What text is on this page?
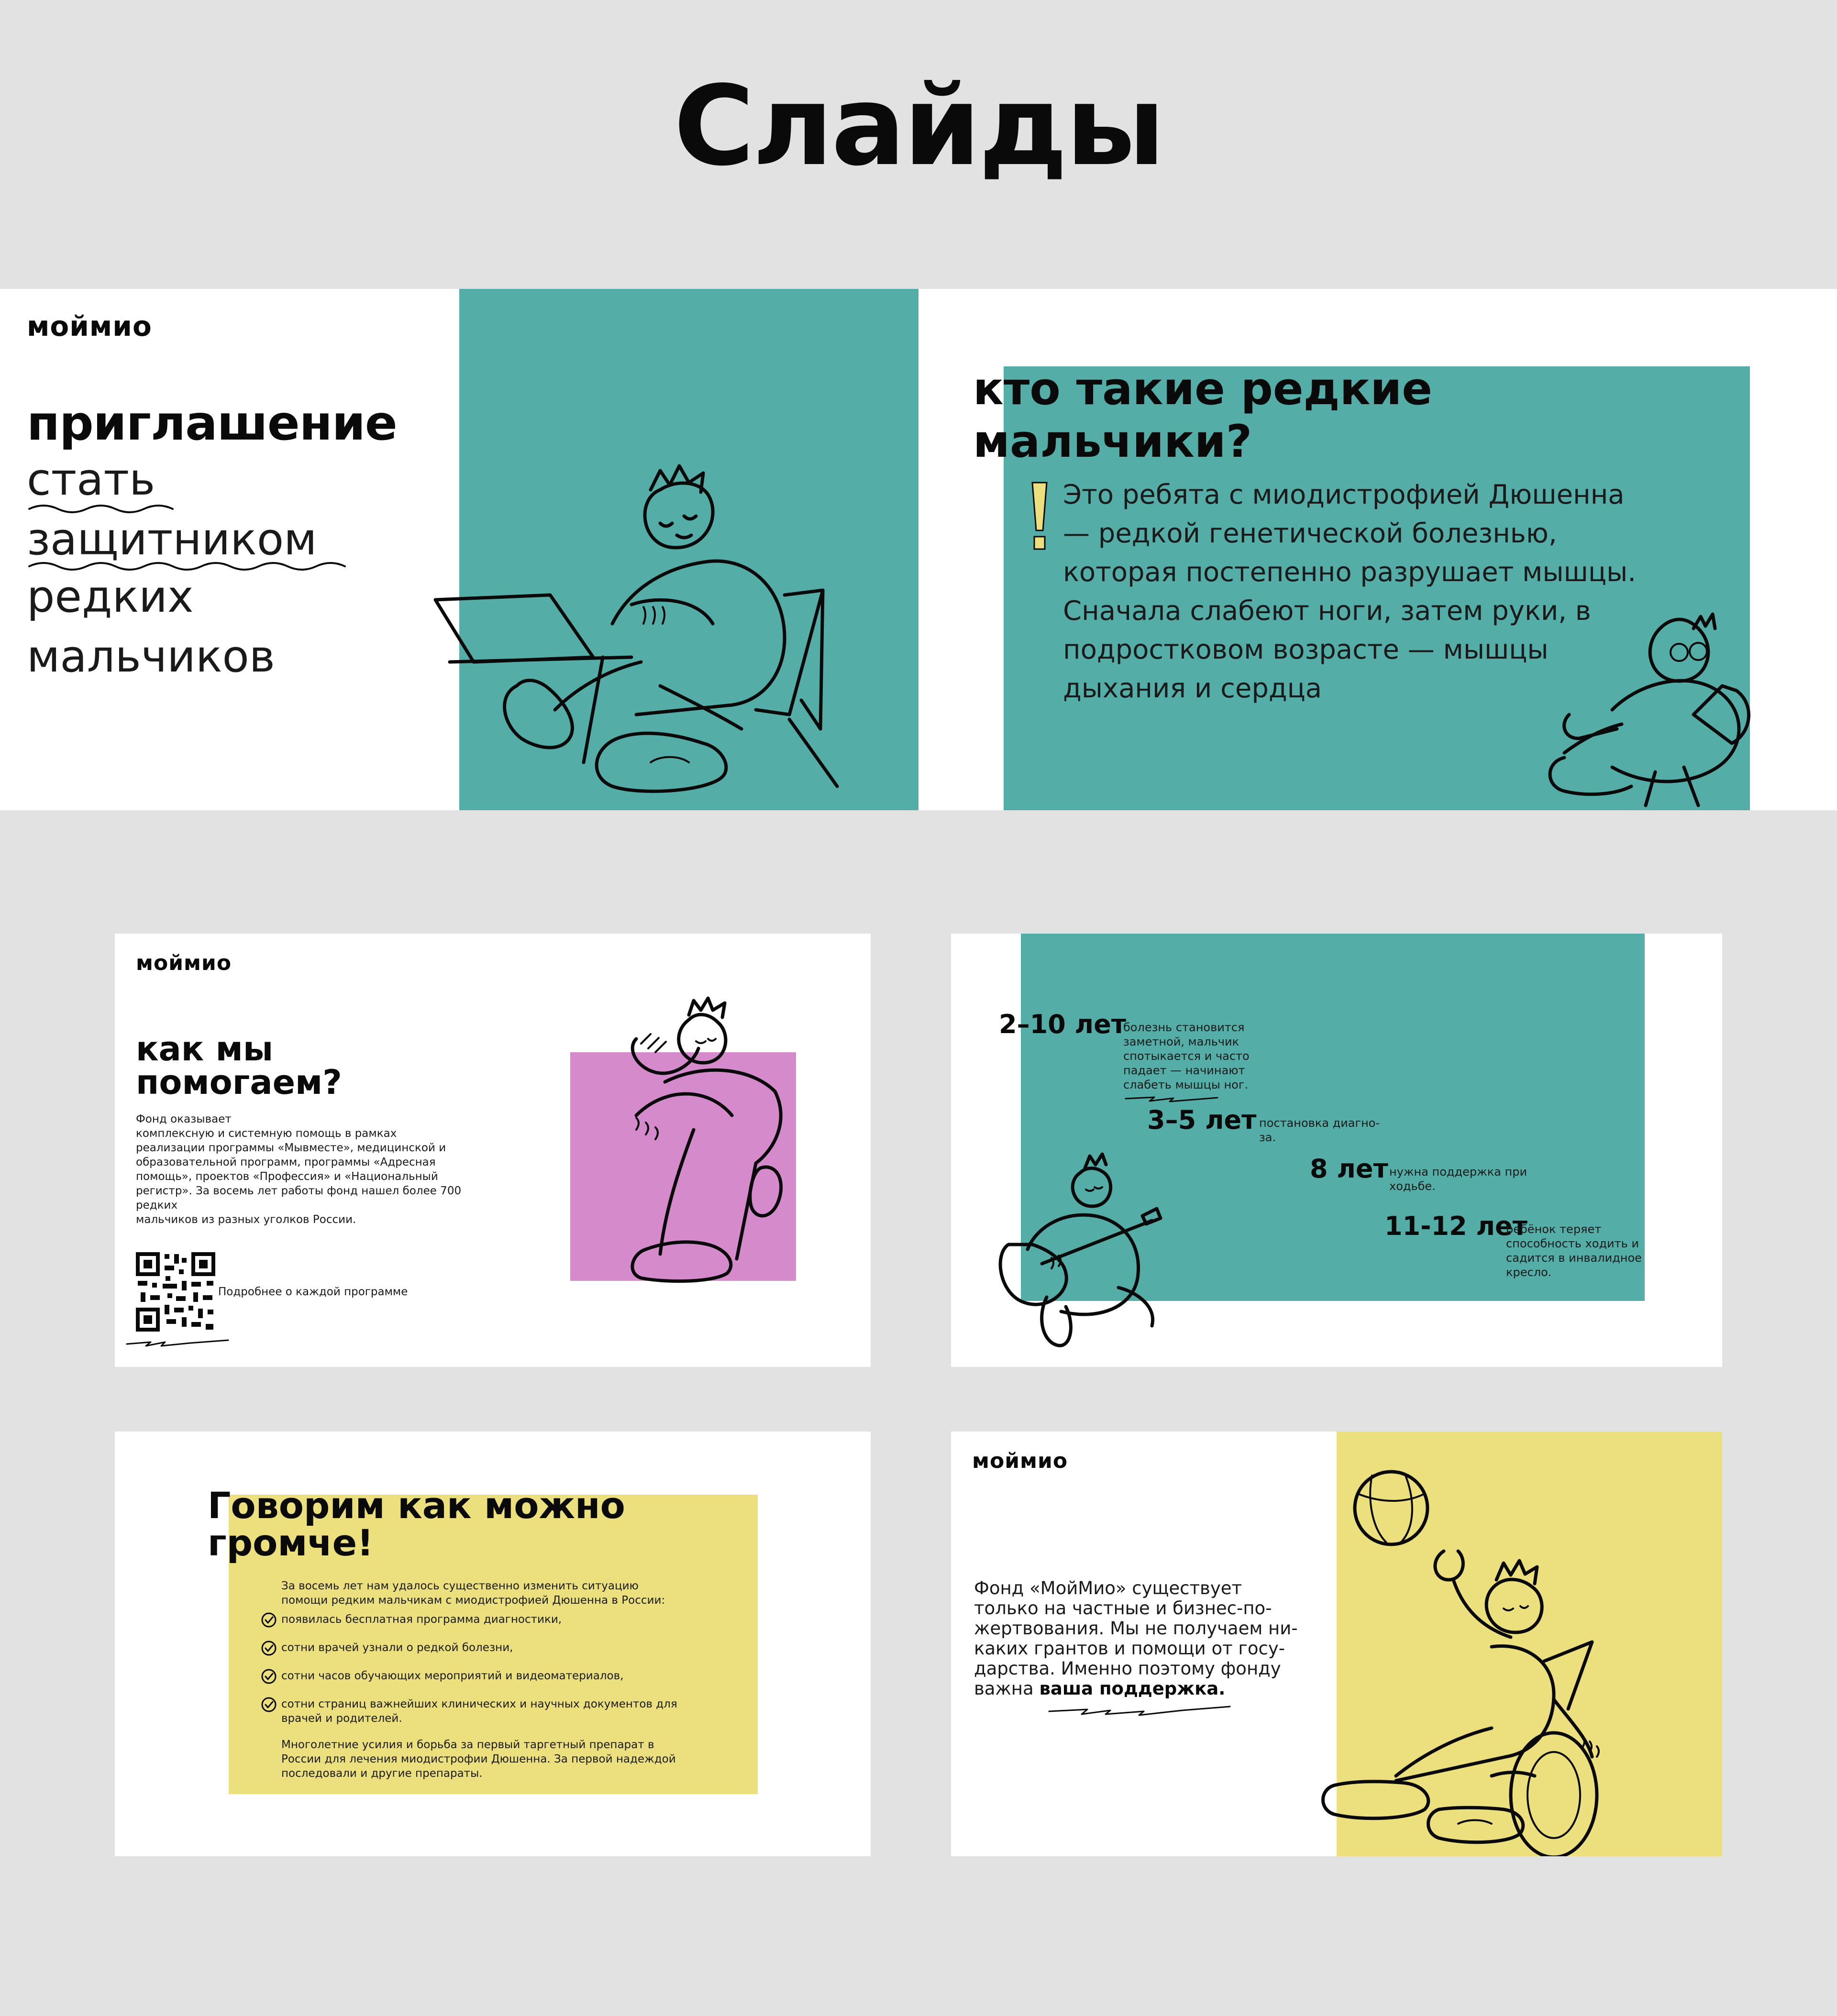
Слайды
моймио
приглашение
стать
защитником
редких
мальчиков
кто такие редкие
мальчики?
Это ребята с миодистрофией Дюшенна
— редкой генетической болезнью,
которая постепенно разрушает мышцы.
Сначала слабеют ноги, затем руки, в
подростковом возрасте — мышцы
дыхания и сердца
моймио
как мы
помогаем?
Фонд оказывает
комплексную и системную помощь в рамках
реализации программы «Мывместе», медицинской и
образовательной программ, программы «Адресная
помощь», проектов «Профессия» и «Национальный
регистр». За восемь лет работы фонд нашел более 700
редких
мальчиков из разных уголков России.
Подробнее о каждой программе
2–10 лет
болезнь становится
заметной, мальчик
спотыкается и часто
падает — начинают
слабеть мышцы ног.
3–5 лет постановка диагно-
за.
8 лет нужна поддержка при
ходьбе.
11-12 лет
ребёнок теряет
способность ходить и
садится в инвалидное
кресло.
Говорим как можно
громче!
За восемь лет нам удалось существенно изменить ситуацию
помощи редким мальчикам с миодистрофией Дюшенна в России:
появилась бесплатная программа диагностики,
сотни врачей узнали о редкой болезни,
сотни часов обучающих мероприятий и видеоматериалов,
сотни страниц важнейших клинических и научных документов для
врачей и родителей.
Многолетние усилия и борьба за первый таргетный препарат в
России для лечения миодистрофии Дюшенна. За первой надеждой
последовали и другие препараты.
моймио
Фонд «МойМио» существует
только на частные и бизнес-по-
жертвования. Мы не получаем ни-
каких грантов и помощи от госу-
дарства. Именно поэтому фонду
важна ваша поддержка.
